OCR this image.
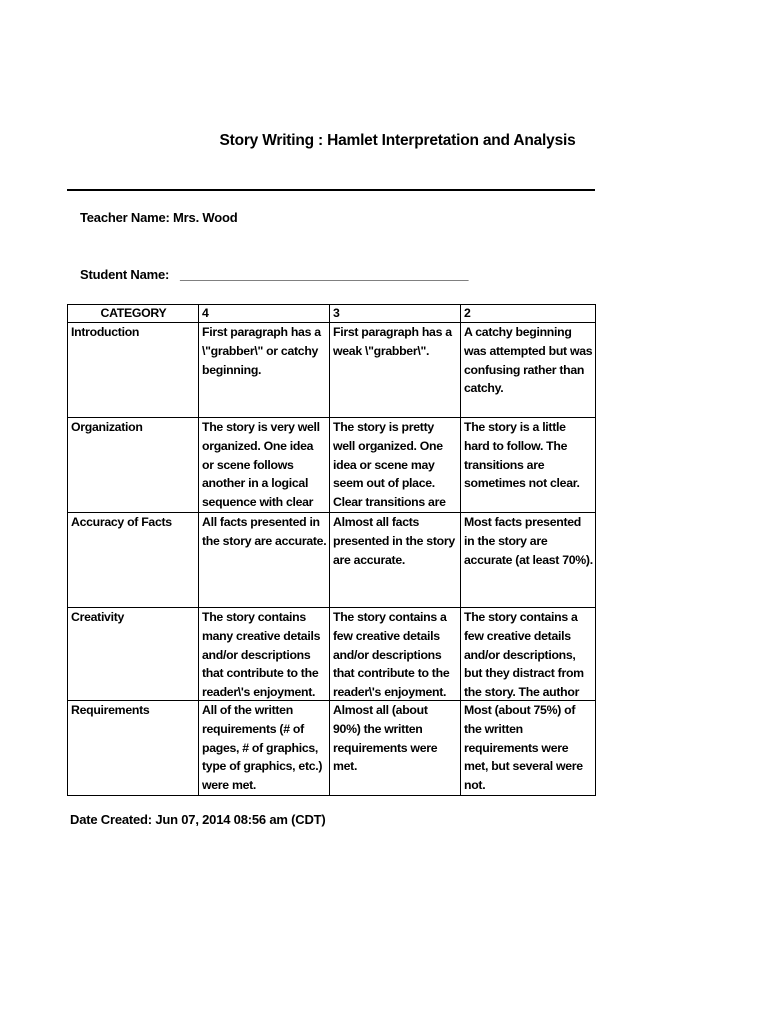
Story Writing : Hamlet Interpretation and Analysis
Teacher Name: Mrs. Wood
Student Name: _________________________________________
CATEGORY	4	3	2

Introduction	First paragraph has a \"grabber\" or catchy beginning.	First paragraph has a weak \"grabber\".	A catchy beginning was attempted but was confusing rather than catchy.

Organization	The story is very well organized. One idea or scene follows another in a logical sequence with clear	The story is pretty well organized. One idea or scene may seem out of place. Clear transitions are	The story is a little hard to follow. The transitions are sometimes not clear.

Accuracy of Facts	All facts presented in the story are accurate.	Almost all facts presented in the story are accurate.	Most facts presented in the story are accurate (at least 70%).

Creativity	The story contains many creative details and/or descriptions that contribute to the reader\'s enjoyment.	The story contains a few creative details and/or descriptions that contribute to the reader\'s enjoyment.	The story contains a few creative details and/or descriptions, but they distract from the story. The author

Requirements	All of the written requirements (# of pages, # of graphics, type of graphics, etc.) were met.	Almost all (about 90%) the written requirements were met.	Most (about 75%) of the written requirements were met, but several were not.
Date Created: Jun 07, 2014 08:56 am (CDT)
